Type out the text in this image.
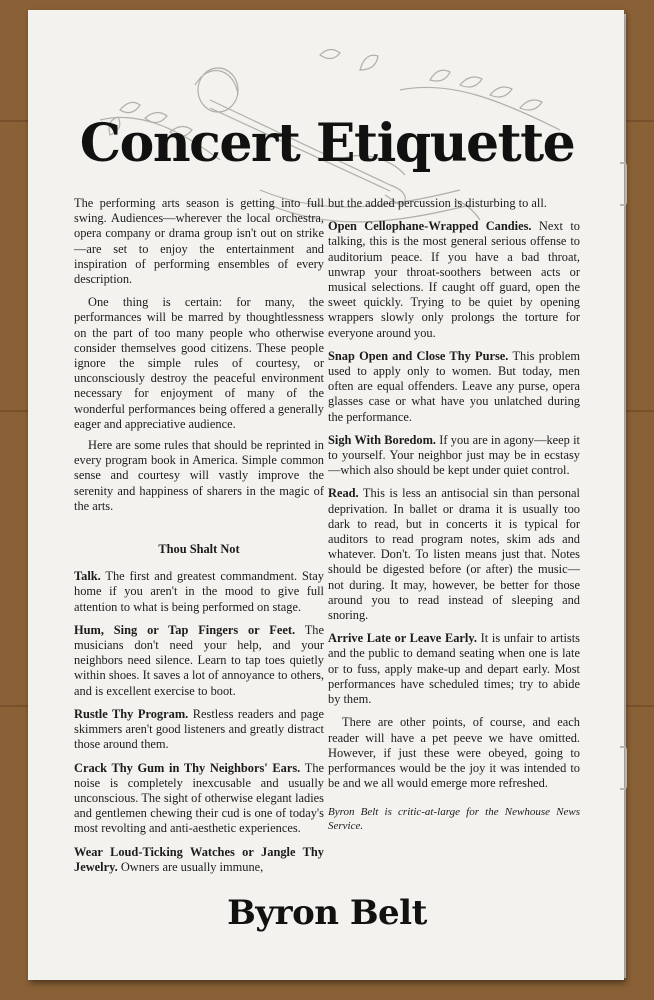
Concert Etiquette

The performing arts season is getting into full swing. Audiences—wherever the local orchestra, opera company or drama group isn't out on strike—are set to enjoy the entertainment and inspiration of performing ensembles of every description.

One thing is certain: for many, the performances will be marred by thoughtlessness on the part of too many people who otherwise consider themselves good citizens. These people ignore the simple rules of courtesy, or unconsciously destroy the peaceful environment necessary for enjoyment of many of the wonderful performances being offered a generally eager and appreciative audience.

Here are some rules that should be reprinted in every program book in America. Simple common sense and courtesy will vastly improve the serenity and happiness of sharers in the magic of the arts.

Thou Shalt Not

Talk. The first and greatest commandment. Stay home if you aren't in the mood to give full attention to what is being performed on stage.

Hum, Sing or Tap Fingers or Feet. The musicians don't need your help, and your neighbors need silence. Learn to tap toes quietly within shoes. It saves a lot of annoyance to others, and is excellent exercise to boot.

Rustle Thy Program. Restless readers and page skimmers aren't good listeners and greatly distract those around them.

Crack Thy Gum in Thy Neighbors' Ears. The noise is completely inexcusable and usually unconscious. The sight of otherwise elegant ladies and gentlemen chewing their cud is one of today's most revolting and anti-aesthetic experiences.

Wear Loud-Ticking Watches or Jangle Thy Jewelry. Owners are usually immune,

but the added percussion is disturbing to all.

Open Cellophane-Wrapped Candies. Next to talking, this is the most general serious offense to auditorium peace. If you have a bad throat, unwrap your throat-soothers between acts or musical selections. If caught off guard, open the sweet quickly. Trying to be quiet by opening wrappers slowly only prolongs the torture for everyone around you.

Snap Open and Close Thy Purse. This problem used to apply only to women. But today, men often are equal offenders. Leave any purse, opera glasses case or what have you unlatched during the performance.

Sigh With Boredom. If you are in agony—keep it to yourself. Your neighbor just may be in ecstasy—which also should be kept under quiet control.

Read. This is less an antisocial sin than personal deprivation. In ballet or drama it is usually too dark to read, but in concerts it is typical for auditors to read program notes, skim ads and whatever. Don't. To listen means just that. Notes should be digested before (or after) the music—not during. It may, however, be better for those around you to read instead of sleeping and snoring.

Arrive Late or Leave Early. It is unfair to artists and the public to demand seating when one is late or to fuss, apply make-up and depart early. Most performances have scheduled times; try to abide by them.

There are other points, of course, and each reader will have a pet peeve we have omitted. However, if just these were obeyed, going to performances would be the joy it was intended to be and we all would emerge more refreshed.

Byron Belt is critic-at-large for the Newhouse News Service.
Byron Belt
